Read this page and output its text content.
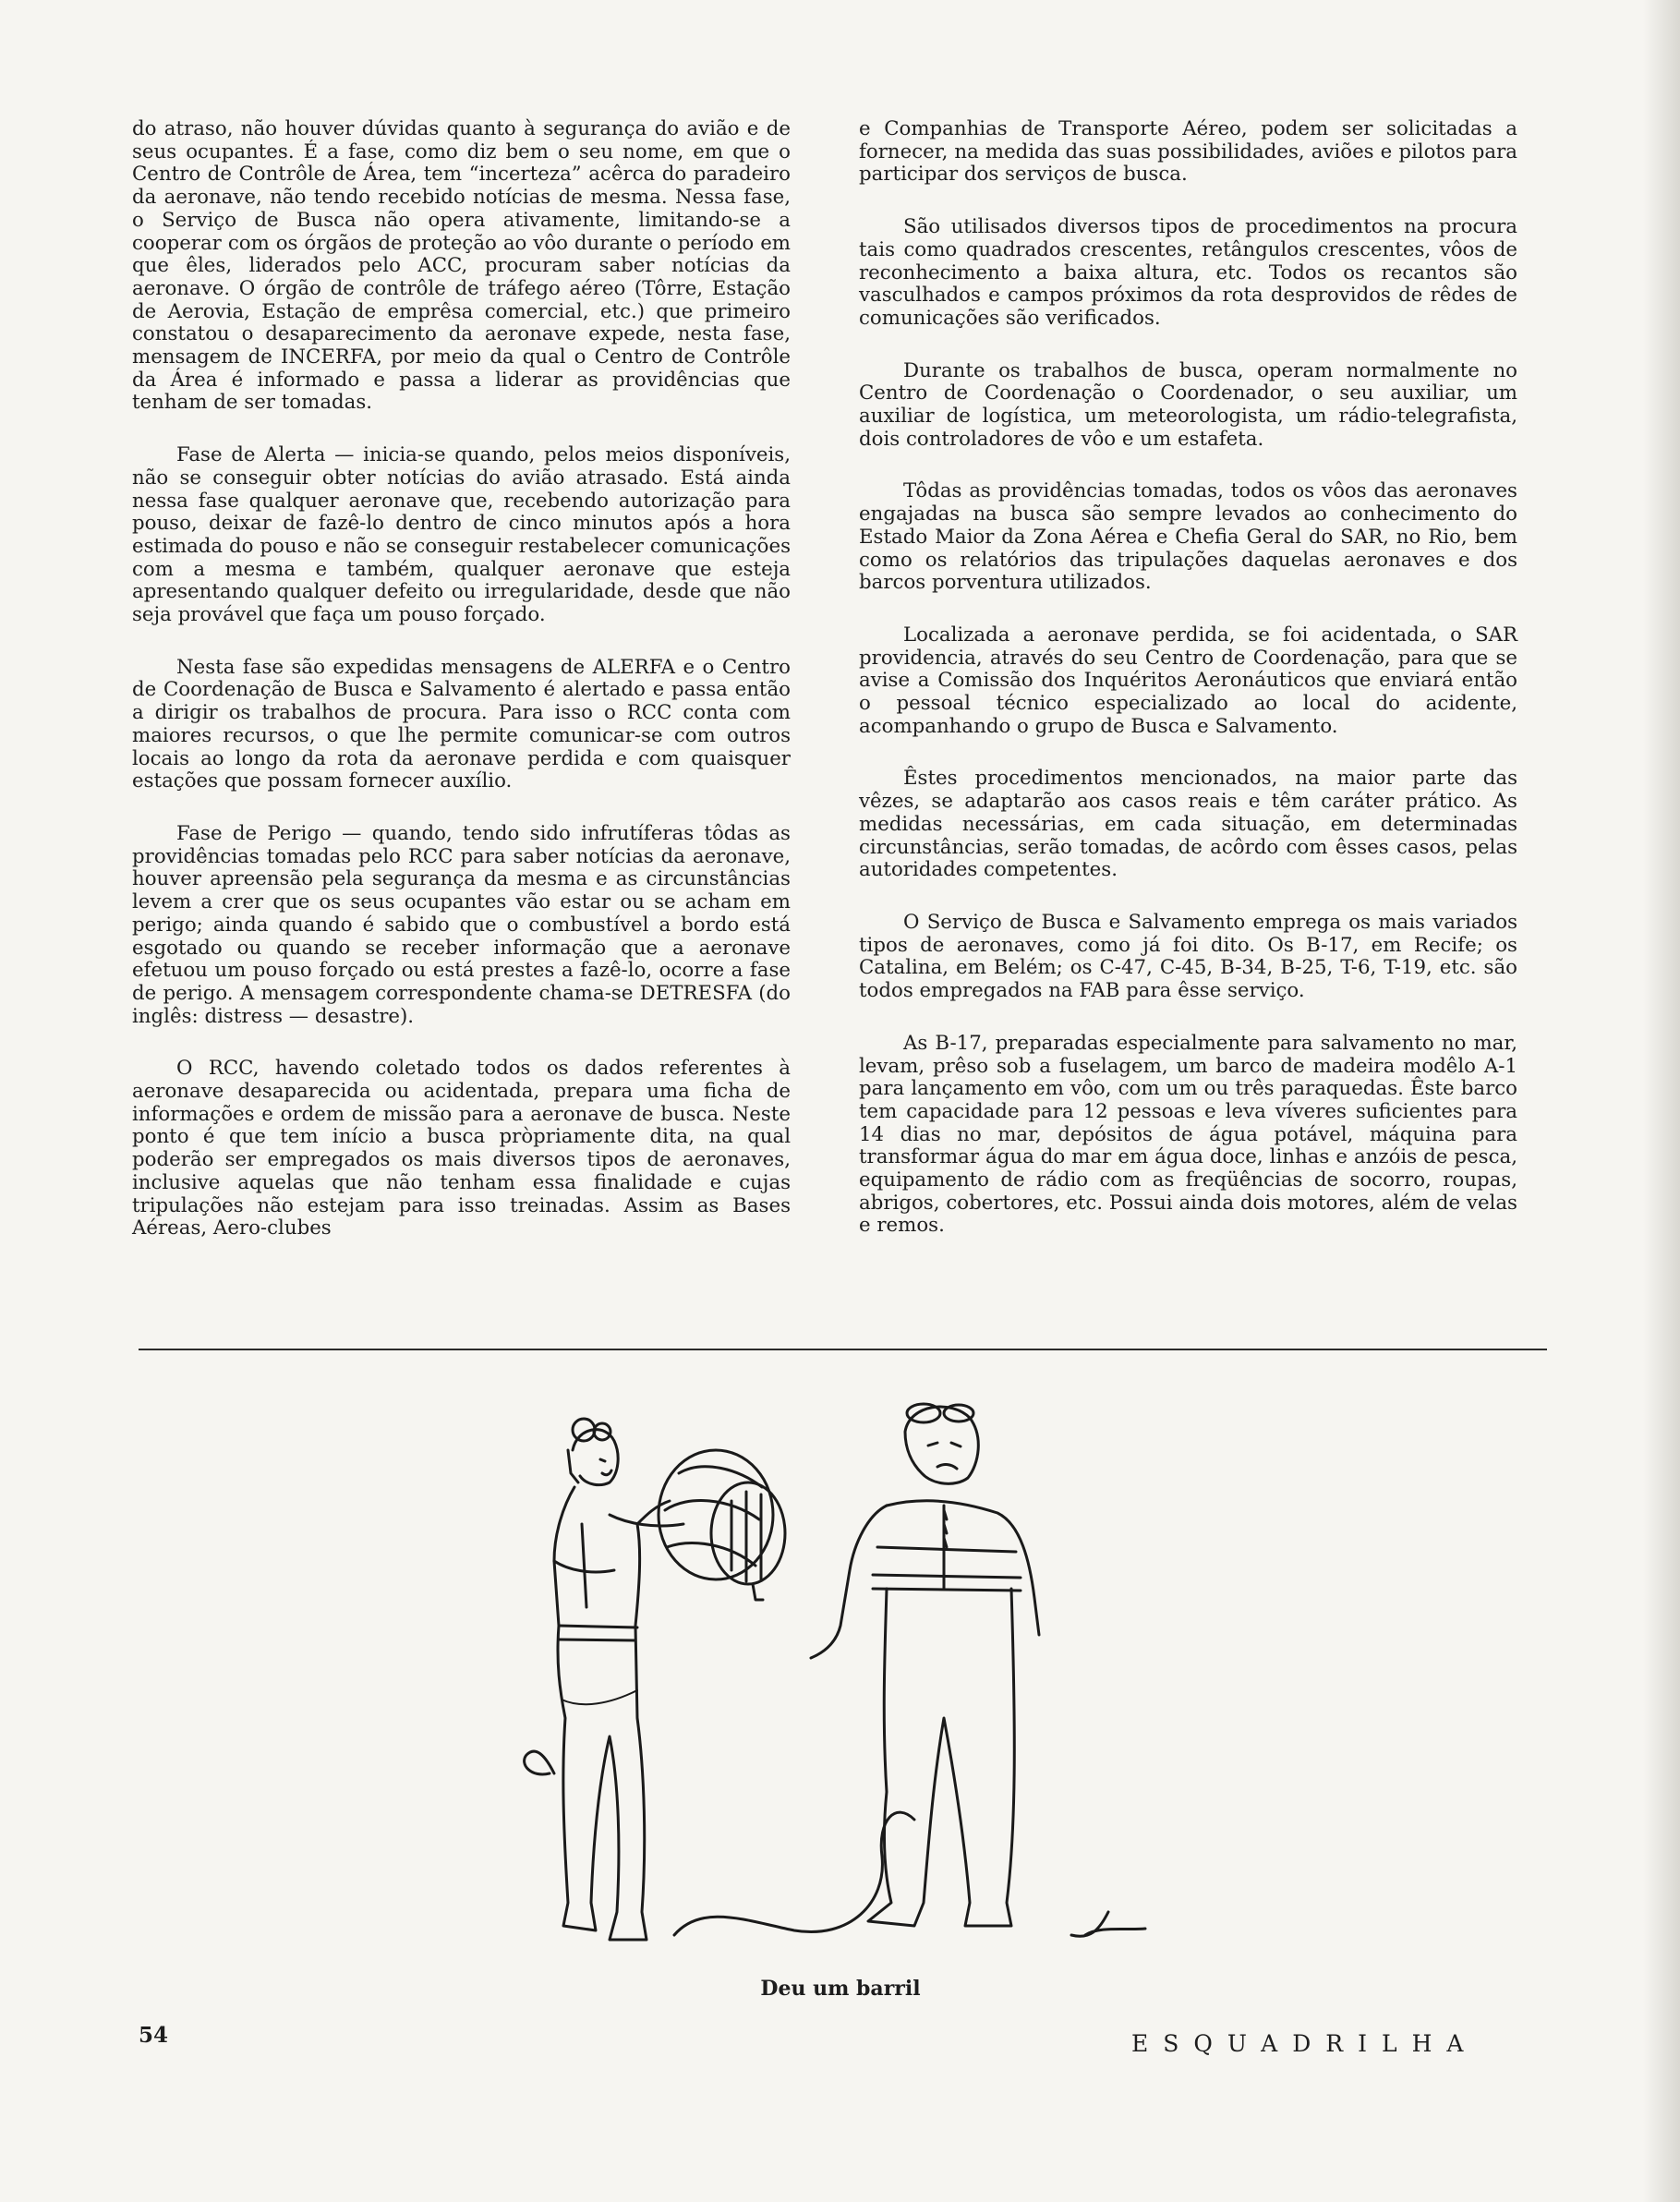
do atraso, não houver dúvidas quanto à segurança do avião e de seus ocupantes. É a fase, como diz bem o seu nome, em que o Centro de Contrôle de Área, tem “incerteza” acêrca do paradeiro da aeronave, não tendo recebido notícias de mesma. Nessa fase, o Serviço de Busca não opera ativamente, limitando-se a cooperar com os órgãos de proteção ao vôo durante o período em que êles, liderados pelo ACC, procuram saber notícias da aeronave. O órgão de contrôle de tráfego aéreo (Tôrre, Estação de Aerovia, Estação de emprêsa comercial, etc.) que primeiro constatou o desaparecimento da aeronave expede, nesta fase, mensagem de INCERFA, por meio da qual o Centro de Contrôle da Área é informado e passa a liderar as providências que tenham de ser tomadas.

Fase de Alerta — inicia-se quando, pelos meios disponíveis, não se conseguir obter notícias do avião atrasado. Está ainda nessa fase qualquer aeronave que, recebendo autorização para pouso, deixar de fazê-lo dentro de cinco minutos após a hora estimada do pouso e não se conseguir restabelecer comunicações com a mesma e também, qualquer aeronave que esteja apresentando qualquer defeito ou irregularidade, desde que não seja provável que faça um pouso forçado.

Nesta fase são expedidas mensagens de ALERFA e o Centro de Coordenação de Busca e Salvamento é alertado e passa então a dirigir os trabalhos de procura. Para isso o RCC conta com maiores recursos, o que lhe permite comunicar-se com outros locais ao longo da rota da aeronave perdida e com quaisquer estações que possam fornecer auxílio.

Fase de Perigo — quando, tendo sido infrutíferas tôdas as providências tomadas pelo RCC para saber notícias da aeronave, houver apreensão pela segurança da mesma e as circunstâncias levem a crer que os seus ocupantes vão estar ou se acham em perigo; ainda quando é sabido que o combustível a bordo está esgotado ou quando se receber informação que a aeronave efetuou um pouso forçado ou está prestes a fazê-lo, ocorre a fase de perigo. A mensagem correspondente chama-se DETRESFA (do inglês: distress — desastre).

O RCC, havendo coletado todos os dados referentes à aeronave desaparecida ou acidentada, prepara uma ficha de informações e ordem de missão para a aeronave de busca. Neste ponto é que tem início a busca pròpriamente dita, na qual poderão ser empregados os mais diversos tipos de aeronaves, inclusive aquelas que não tenham essa finalidade e cujas tripulações não estejam para isso treinadas. Assim as Bases Aéreas, Aero-clubes

e Companhias de Transporte Aéreo, podem ser solicitadas a fornecer, na medida das suas possibilidades, aviões e pilotos para participar dos serviços de busca.

São utilisados diversos tipos de procedimentos na procura tais como quadrados crescentes, retângulos crescentes, vôos de reconhecimento a baixa altura, etc. Todos os recantos são vasculhados e campos próximos da rota desprovidos de rêdes de comunicações são verificados.

Durante os trabalhos de busca, operam normalmente no Centro de Coordenação o Coordenador, o seu auxiliar, um auxiliar de logística, um meteorologista, um rádio-telegrafista, dois controladores de vôo e um estafeta.

Tôdas as providências tomadas, todos os vôos das aeronaves engajadas na busca são sempre levados ao conhecimento do Estado Maior da Zona Aérea e Chefia Geral do SAR, no Rio, bem como os relatórios das tripulações daquelas aeronaves e dos barcos porventura utilizados.

Localizada a aeronave perdida, se foi acidentada, o SAR providencia, através do seu Centro de Coordenação, para que se avise a Comissão dos Inquéritos Aeronáuticos que enviará então o pessoal técnico especializado ao local do acidente, acompanhando o grupo de Busca e Salvamento.

Êstes procedimentos mencionados, na maior parte das vêzes, se adaptarão aos casos reais e têm caráter prático. As medidas necessárias, em cada situação, em determinadas circunstâncias, serão tomadas, de acôrdo com êsses casos, pelas autoridades competentes.

O Serviço de Busca e Salvamento emprega os mais variados tipos de aeronaves, como já foi dito. Os B-17, em Recife; os Catalina, em Belém; os C-47, C-45, B-34, B-25, T-6, T-19, etc. são todos empregados na FAB para êsse serviço.

As B-17, preparadas especialmente para salvamento no mar, levam, prêso sob a fuselagem, um barco de madeira modêlo A-1 para lançamento em vôo, com um ou três paraquedas. Êste barco tem capacidade para 12 pessoas e leva víveres suficientes para 14 dias no mar, depósitos de água potável, máquina para transformar água do mar em água doce, linhas e anzóis de pesca, equipamento de rádio com as freqüências de socorro, roupas, abrigos, cobertores, etc. Possui ainda dois motores, além de velas e remos.

Deu um barril
54	ESQUADRILHA
